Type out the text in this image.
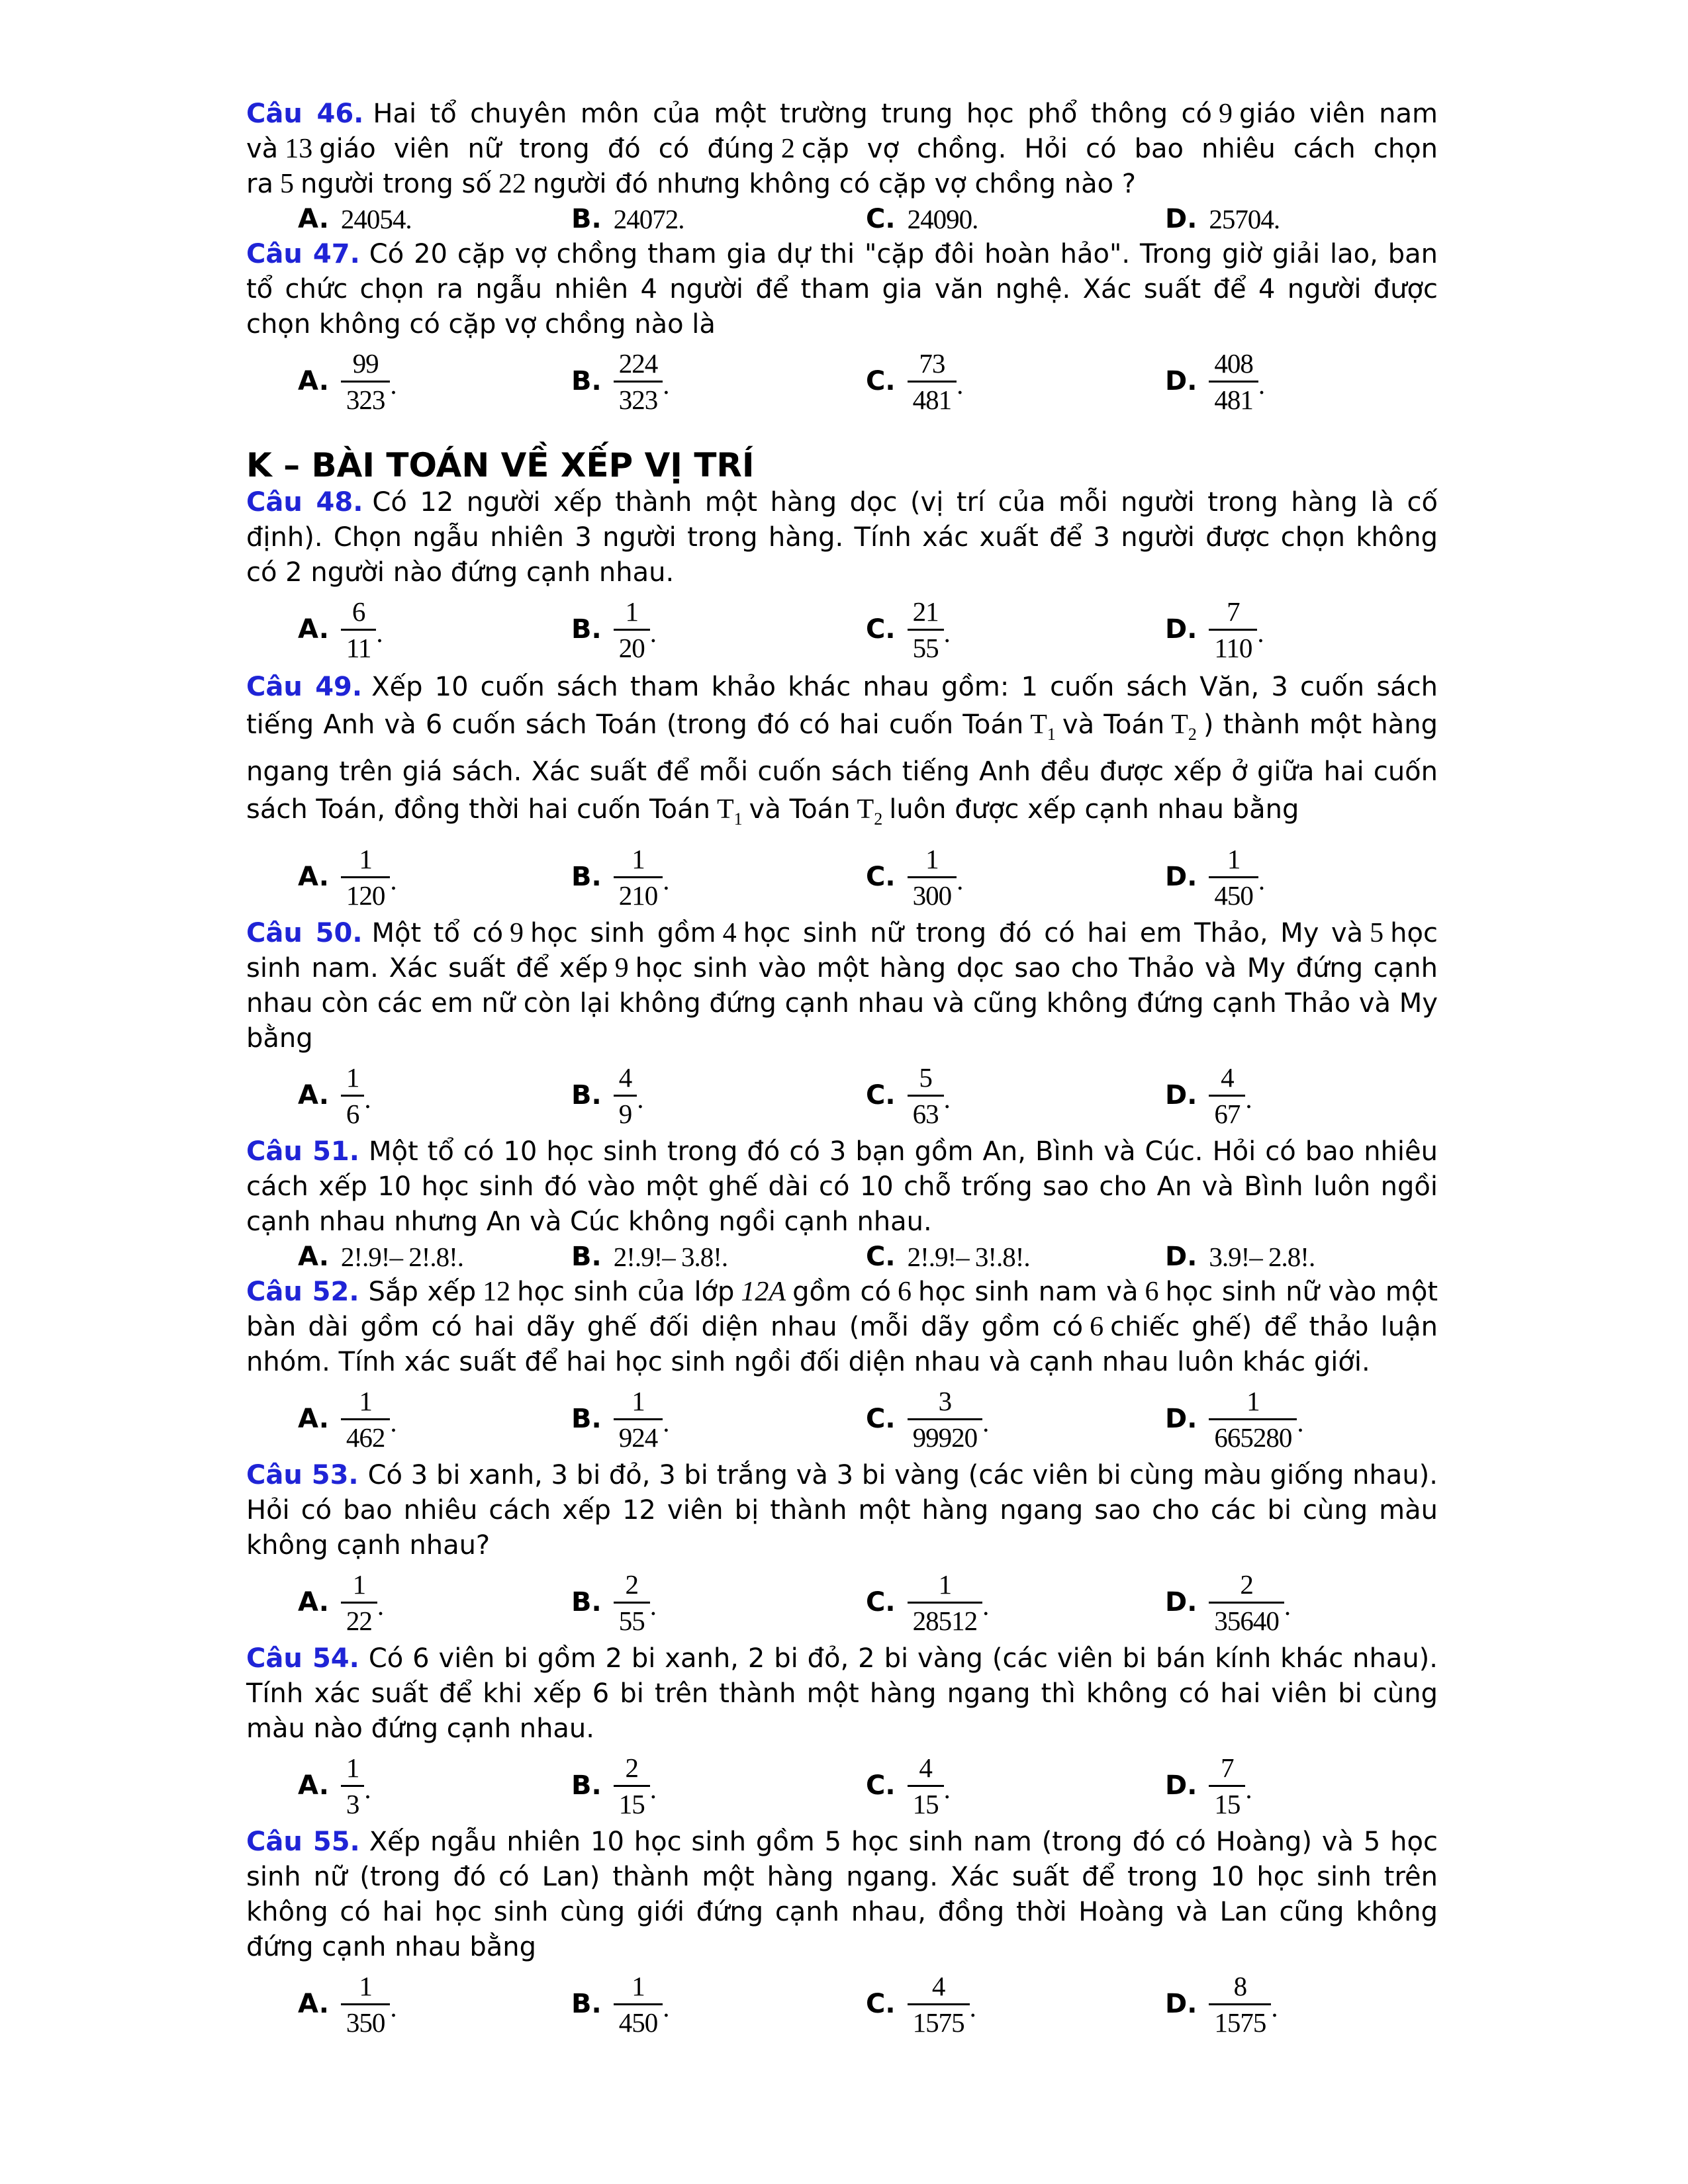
Câu 46. Hai tổ chuyên môn của một trường trung học phổ thông có 9 giáo viên nam và 13 giáo viên nữ trong đó có đúng 2 cặp vợ chồng. Hỏi có bao nhiêu cách chọn ra 5 người trong số 22 người đó nhưng không có cặp vợ chồng nào ?
A. 24054.	B. 24072.	C. 24090.	D. 25704.
Câu 47. Có 20 cặp vợ chồng tham gia dự thi "cặp đôi hoàn hảo". Trong giờ giải lao, ban tổ chức chọn ra ngẫu nhiên 4 người để tham gia văn nghệ. Xác suất để 4 người được chọn không có cặp vợ chồng nào là
A. $\frac{99}{323}$ .	B. $\frac{224}{323}$ .	C. $\frac{73}{481}$ .	D. $\frac{408}{481}$ .
K – BÀI TOÁN VỀ XẾP VỊ TRÍ
Câu 48. Có 12 người xếp thành một hàng dọc (vị trí của mỗi người trong hàng là cố định). Chọn ngẫu nhiên 3 người trong hàng. Tính xác xuất để 3 người được chọn không có 2 người nào đứng cạnh nhau.
A. $\frac{6}{11}$ .	B. $\frac{1}{20}$ .	C. $\frac{21}{55}$ .	D. $\frac{7}{110}$ .
Câu 49. Xếp 10 cuốn sách tham khảo khác nhau gồm: 1 cuốn sách Văn, 3 cuốn sách tiếng Anh và 6 cuốn sách Toán (trong đó có hai cuốn Toán $T_1$ và Toán $T_2$ ) thành một hàng ngang trên giá sách. Xác suất để mỗi cuốn sách tiếng Anh đều được xếp ở giữa hai cuốn sách Toán, đồng thời hai cuốn Toán $T_1$ và Toán $T_2$ luôn được xếp cạnh nhau bằng
A. $\frac{1}{120}$ .	B. $\frac{1}{210}$ .	C. $\frac{1}{300}$ .	D. $\frac{1}{450}$ .
Câu 50. Một tổ có 9 học sinh gồm 4 học sinh nữ trong đó có hai em Thảo, My và 5 học sinh nam. Xác suất để xếp 9 học sinh vào một hàng dọc sao cho Thảo và My đứng cạnh nhau còn các em nữ còn lại không đứng cạnh nhau và cũng không đứng cạnh Thảo và My bằng
A. $\frac{1}{6}$ .	B. $\frac{4}{9}$ .	C. $\frac{5}{63}$ .	D. $\frac{4}{67}$ .
Câu 51. Một tổ có 10 học sinh trong đó có 3 bạn gồm An, Bình và Cúc. Hỏi có bao nhiêu cách xếp 10 học sinh đó vào một ghế dài có 10 chỗ trống sao cho An và Bình luôn ngồi cạnh nhau nhưng An và Cúc không ngồi cạnh nhau.
A. 2!.9!– 2!.8!.	B. 2!.9!– 3.8!.	C. 2!.9!– 3!.8!.	D. 3.9!– 2.8!.
Câu 52. Sắp xếp 12 học sinh của lớp 12A gồm có 6 học sinh nam và 6 học sinh nữ vào một bàn dài gồm có hai dãy ghế đối diện nhau (mỗi dãy gồm có 6 chiếc ghế) để thảo luận nhóm. Tính xác suất để hai học sinh ngồi đối diện nhau và cạnh nhau luôn khác giới.
A. $\frac{1}{462}$ .	B. $\frac{1}{924}$ .	C. $\frac{3}{99920}$ .	D. $\frac{1}{665280}$ .
Câu 53. Có 3 bi xanh, 3 bi đỏ, 3 bi trắng và 3 bi vàng (các viên bi cùng màu giống nhau). Hỏi có bao nhiêu cách xếp 12 viên bị thành một hàng ngang sao cho các bi cùng màu không cạnh nhau?
A. $\frac{1}{22}$ .	B. $\frac{2}{55}$ .	C. $\frac{1}{28512}$ .	D. $\frac{2}{35640}$ .
Câu 54. Có 6 viên bi gồm 2 bi xanh, 2 bi đỏ, 2 bi vàng (các viên bi bán kính khác nhau). Tính xác suất để khi xếp 6 bi trên thành một hàng ngang thì không có hai viên bi cùng màu nào đứng cạnh nhau.
A. $\frac{1}{3}$ .	B. $\frac{2}{15}$ .	C. $\frac{4}{15}$ .	D. $\frac{7}{15}$ .
Câu 55. Xếp ngẫu nhiên 10 học sinh gồm 5 học sinh nam (trong đó có Hoàng) và 5 học sinh nữ (trong đó có Lan) thành một hàng ngang. Xác suất để trong 10 học sinh trên không có hai học sinh cùng giới đứng cạnh nhau, đồng thời Hoàng và Lan cũng không đứng cạnh nhau bằng
A. $\frac{1}{350}$ .	B. $\frac{1}{450}$ .	C. $\frac{4}{1575}$ .	D. $\frac{8}{1575}$ .
